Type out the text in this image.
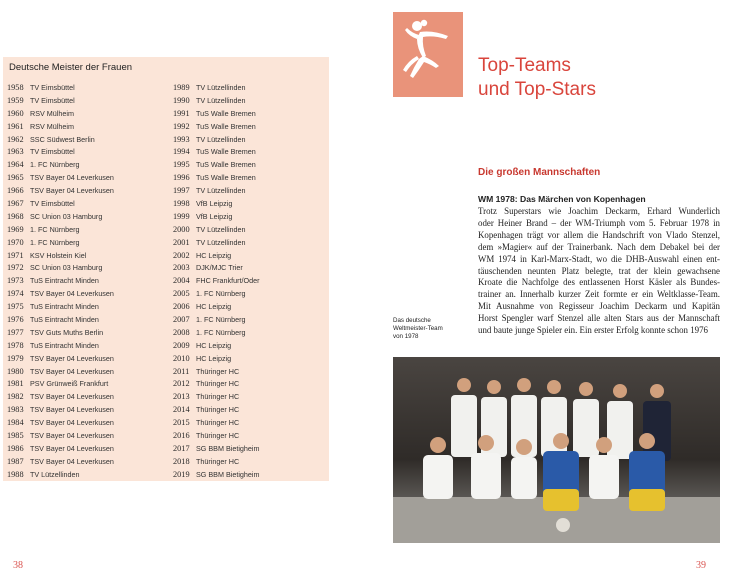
Deutsche Meister der Frauen
1958 TV Eimsbüttel
1959 TV Eimsbüttel
1960 RSV Mülheim
1961 RSV Mülheim
1962 SSC Südwest Berlin
1963 TV Eimsbüttel
1964 1. FC Nürnberg
1965 TSV Bayer 04 Leverkusen
1966 TSV Bayer 04 Leverkusen
1967 TV Eimsbüttel
1968 SC Union 03 Hamburg
1969 1. FC Nürnberg
1970 1. FC Nürnberg
1971 KSV Holstein Kiel
1972 SC Union 03 Hamburg
1973 TuS Eintracht Minden
1974 TSV Bayer 04 Leverkusen
1975 TuS Eintracht Minden
1976 TuS Eintracht Minden
1977 TSV Guts Muths Berlin
1978 TuS Eintracht Minden
1979 TSV Bayer 04 Leverkusen
1980 TSV Bayer 04 Leverkusen
1981 PSV Grünweiß Frankfurt
1982 TSV Bayer 04 Leverkusen
1983 TSV Bayer 04 Leverkusen
1984 TSV Bayer 04 Leverkusen
1985 TSV Bayer 04 Leverkusen
1986 TSV Bayer 04 Leverkusen
1987 TSV Bayer 04 Leverkusen
1988 TV Lützellinden
1989 TV Lützellinden
1990 TV Lützellinden
1991 TuS Walle Bremen
1992 TuS Walle Bremen
1993 TV Lützellinden
1994 TuS Walle Bremen
1995 TuS Walle Bremen
1996 TuS Walle Bremen
1997 TV Lützellinden
1998 VfB Leipzig
1999 VfB Leipzig
2000 TV Lützellinden
2001 TV Lützellinden
2002 HC Leipzig
2003 DJK/MJC Trier
2004 FHC Frankfurt/Oder
2005 1. FC Nürnberg
2006 HC Leipzig
2007 1. FC Nürnberg
2008 1. FC Nürnberg
2009 HC Leipzig
2010 HC Leipzig
2011 Thüringer HC
2012 Thüringer HC
2013 Thüringer HC
2014 Thüringer HC
2015 Thüringer HC
2016 Thüringer HC
2017 SG BBM Bietigheim
2018 Thüringer HC
2019 SG BBM Bietigheim
38
Top-Teams
und Top-Stars
Die großen Mannschaften
WM 1978: Das Märchen von Kopenhagen
Trotz Superstars wie Joachim Deckarm, Erhard Wunderlich
oder Heiner Brand – der WM-Triumph vom 5. Februar 1978 in
Kopenhagen trägt vor allem die Handschrift von Vlado Stenzel,
dem »Magier« auf der Trainerbank. Nach dem Debakel bei der
WM 1974 in Karl-Marx-Stadt, wo die DHB-Auswahl einen ent-
täuschenden neunten Platz belegte, trat der klein gewachsene
Kroate die Nachfolge des entlassenen Horst Käsler als Bundes-
trainer an. Innerhalb kurzer Zeit formte er ein Weltklasse-Team.
Mit Ausnahme von Regisseur Joachim Deckarm und Kapitän
Horst Spengler warf Stenzel alle alten Stars aus der Mannschaft
und baute junge Spieler ein. Ein erster Erfolg konnte schon 1976
Das deutsche
Weltmeister-Team
von 1978
39
